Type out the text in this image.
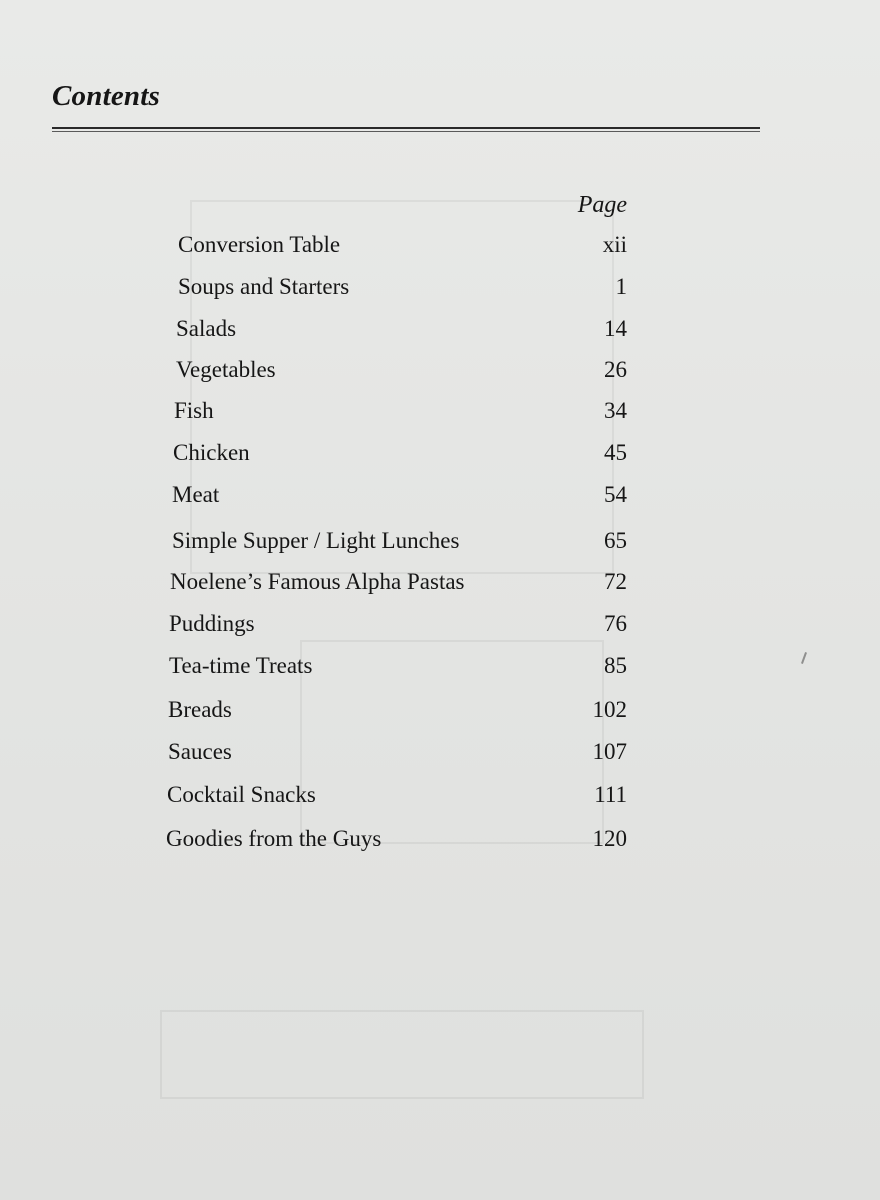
Contents
Page
Conversion Table	xii
Soups and Starters	1
Salads	14
Vegetables	26
Fish	34
Chicken	45
Meat	54
Simple Supper / Light Lunches	65
Noelene’s Famous Alpha Pastas	72
Puddings	76
Tea-time Treats	85
Breads	102
Sauces	107
Cocktail Snacks	111
Goodies from the Guys	120
